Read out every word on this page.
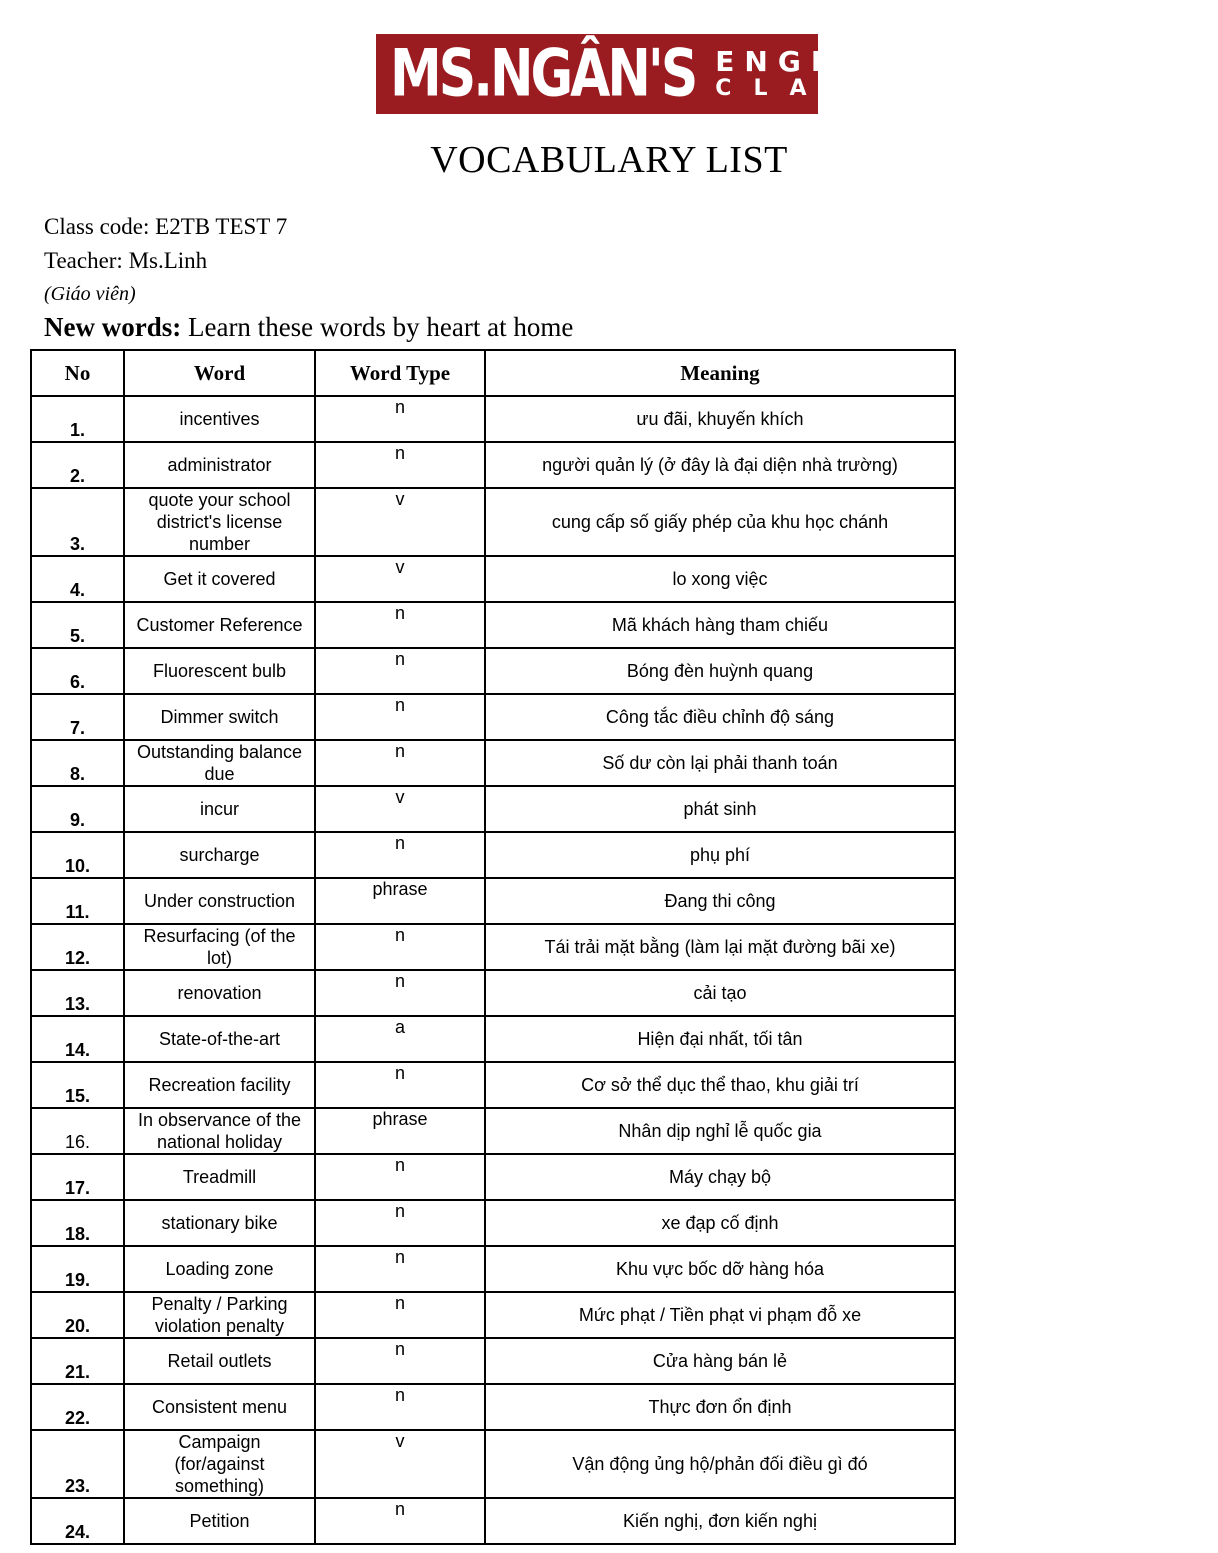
MS.NGÂN'S ENGLISH
CLASS
VOCABULARY LIST
Class code: E2TB TEST 7
Teacher: Ms.Linh
(Giáo viên)
New words: Learn these words by heart at home
No	Word	Word Type	Meaning
1.	incentives	n	ưu đãi, khuyến khích
2.	administrator	n	người quản lý (ở đây là đại diện nhà trường)
3.	quote your school district's license number	v	cung cấp số giấy phép của khu học chánh
4.	Get it covered	v	lo xong việc
5.	Customer Reference	n	Mã khách hàng tham chiếu
6.	Fluorescent bulb	n	Bóng đèn huỳnh quang
7.	Dimmer switch	n	Công tắc điều chỉnh độ sáng
8.	Outstanding balance due	n	Số dư còn lại phải thanh toán
9.	incur	v	phát sinh
10.	surcharge	n	phụ phí
11.	Under construction	phrase	Đang thi công
12.	Resurfacing (of the lot)	n	Tái trải mặt bằng (làm lại mặt đường bãi xe)
13.	renovation	n	cải tạo
14.	State-of-the-art	a	Hiện đại nhất, tối tân
15.	Recreation facility	n	Cơ sở thể dục thể thao, khu giải trí
16.	In observance of the national holiday	phrase	Nhân dịp nghỉ lễ quốc gia
17.	Treadmill	n	Máy chạy bộ
18.	stationary bike	n	xe đạp cố định
19.	Loading zone	n	Khu vực bốc dỡ hàng hóa
20.	Penalty / Parking violation penalty	n	Mức phạt / Tiền phạt vi phạm đỗ xe
21.	Retail outlets	n	Cửa hàng bán lẻ
22.	Consistent menu	n	Thực đơn ổn định
23.	Campaign (for/against something)	v	Vận động ủng hộ/phản đối điều gì đó
24.	Petition	n	Kiến nghị, đơn kiến nghị
